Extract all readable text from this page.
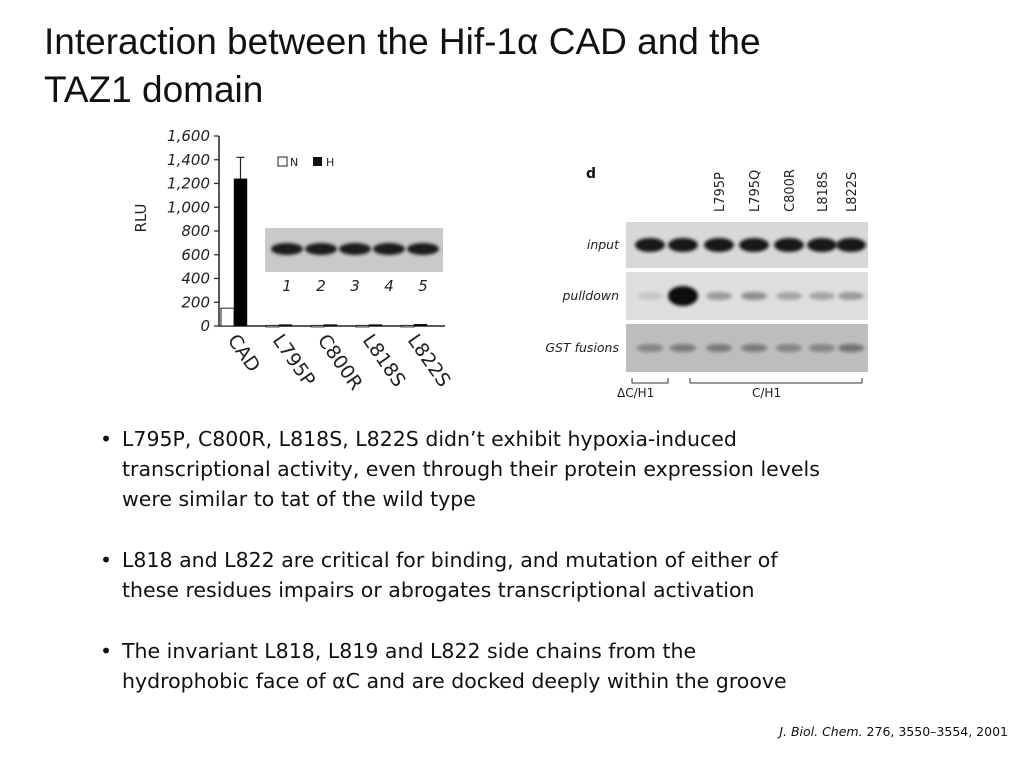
Interaction between the Hif-1α CAD and the
TAZ1 domain
RLU
0
200
400
600
800
1,000
1,200
1,400
1,600
CAD L795P
C800R
L818S
L822S
N	H
1 2 3 4 5
d	L795P L795Q C800R L818S L822S
input
pulldown
GST fusions
ΔC/H1	C/H1
• L795P, C800R, L818S, L822S didn’t exhibit hypoxia-induced
transcriptional activity, even through their protein expression levels
were similar to tat of the wild type
• L818 and L822 are critical for binding, and mutation of either of
these residues impairs or abrogates transcriptional activation
• The invariant L818, L819 and L822 side chains from the
hydrophobic face of αC and are docked deeply within the groove
J. Biol. Chem. 276, 3550–3554, 2001
